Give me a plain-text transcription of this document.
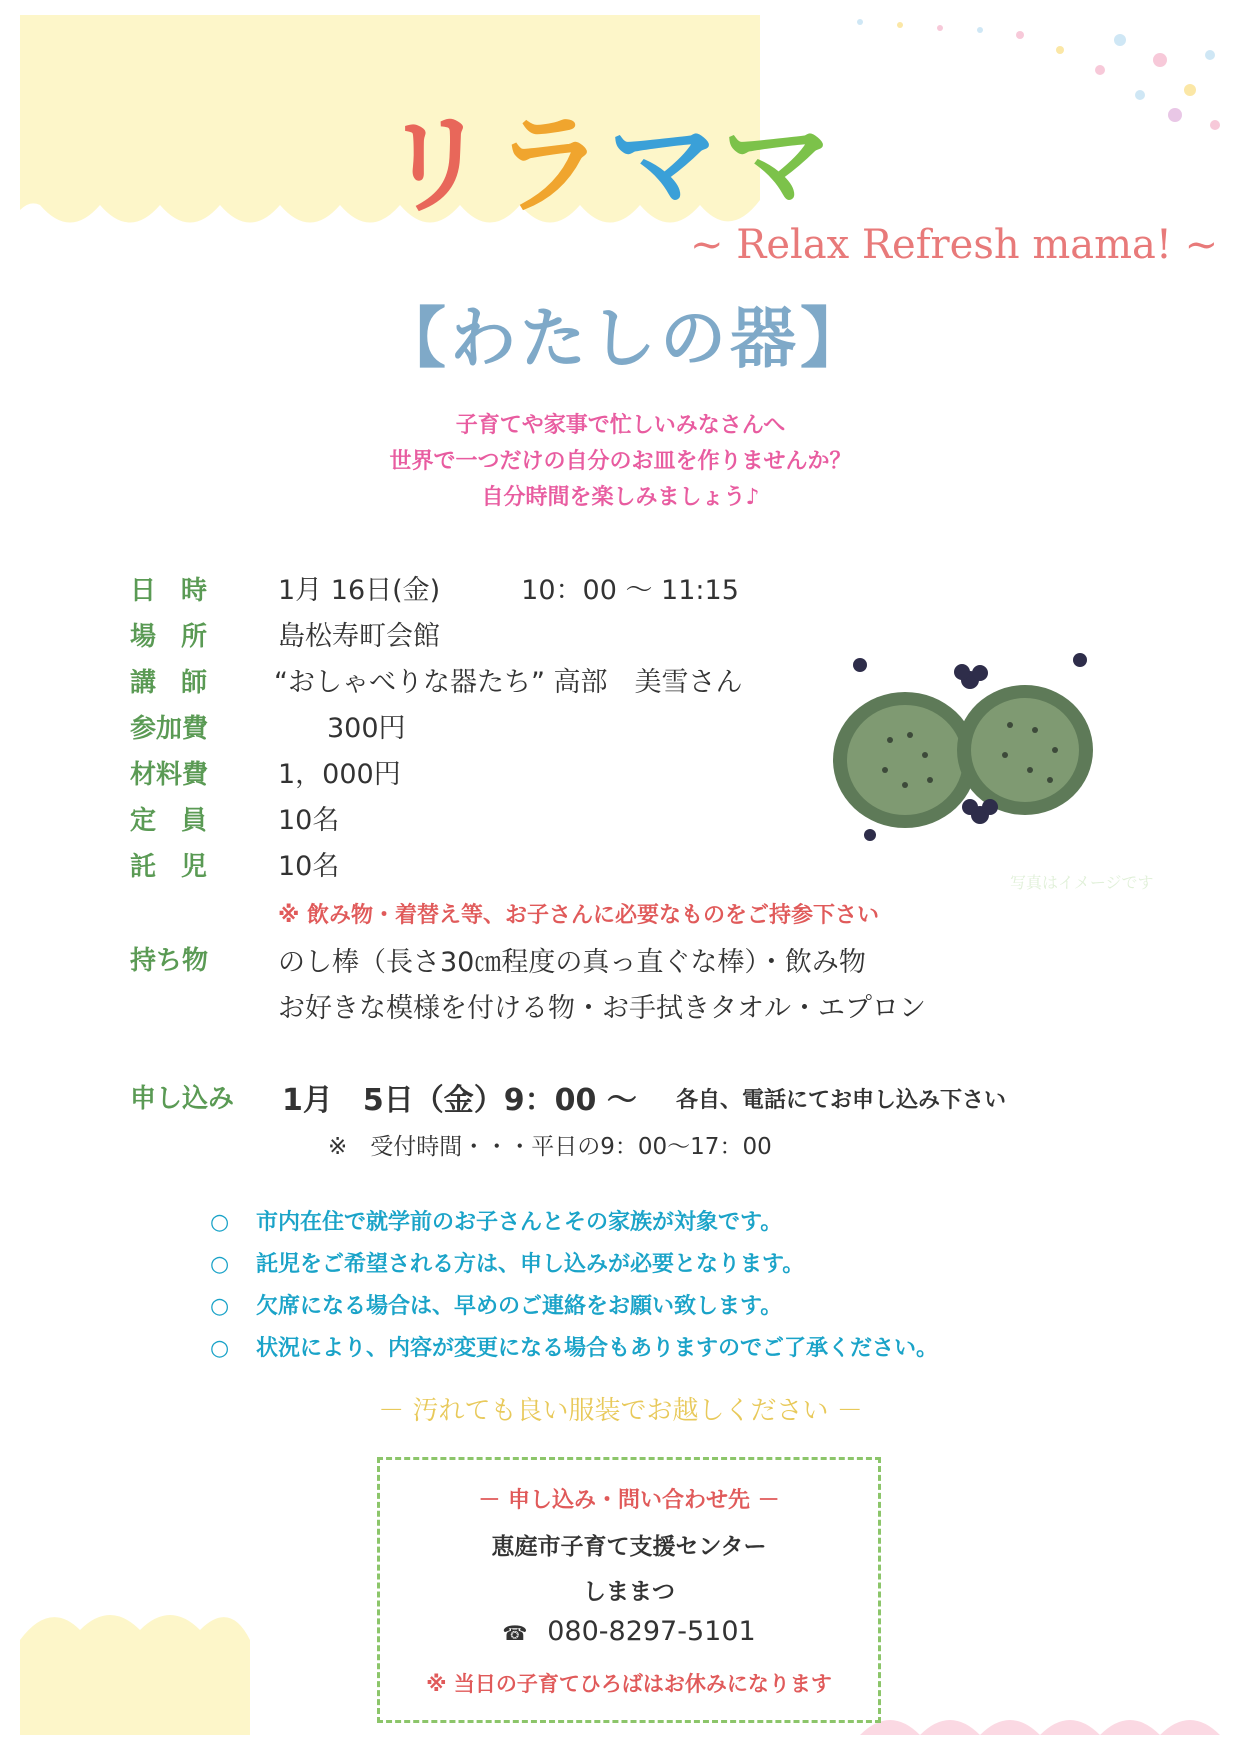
リラママ
~ Relax Refresh mama! ~
【わたしの器】
子育てや家事で忙しいみなさんへ
世界で一つだけの自分のお皿を作りませんか？
自分時間を楽しみましょう♪
日 時 1月 16日(金)　　　10：00 ～ 11:15
場 所 島松寿町会館
講 師 “おしゃべりな器たち” 高部　美雪さん
参加費	　300円
材料費	1，000円
定 員 10名
託 児 10名
※ 飲み物・着替え等、お子さんに必要なものをご持参下さい
写真はイメージです
持ち物	のし棒（長さ30㎝程度の真っ直ぐな棒）・飲み物
お好きな模様を付ける物・お手拭きタオル・エプロン
申し込み 1月　5日（金）9：00 ～ 各自、電話にてお申し込み下さい
※　受付時間・・・平日の9：00～17：00
○ 市内在住で就学前のお子さんとその家族が対象です。
○ 託児をご希望される方は、申し込みが必要となります。
○ 欠席になる場合は、早めのご連絡をお願い致します。
○ 状況により、内容が変更になる場合もありますのでご了承ください。
－ 汚れても良い服装でお越しください －
－ 申し込み・問い合わせ先 －
恵庭市子育て支援センター
しままつ
☎ 080-8297-5101
※ 当日の子育てひろばはお休みになります
